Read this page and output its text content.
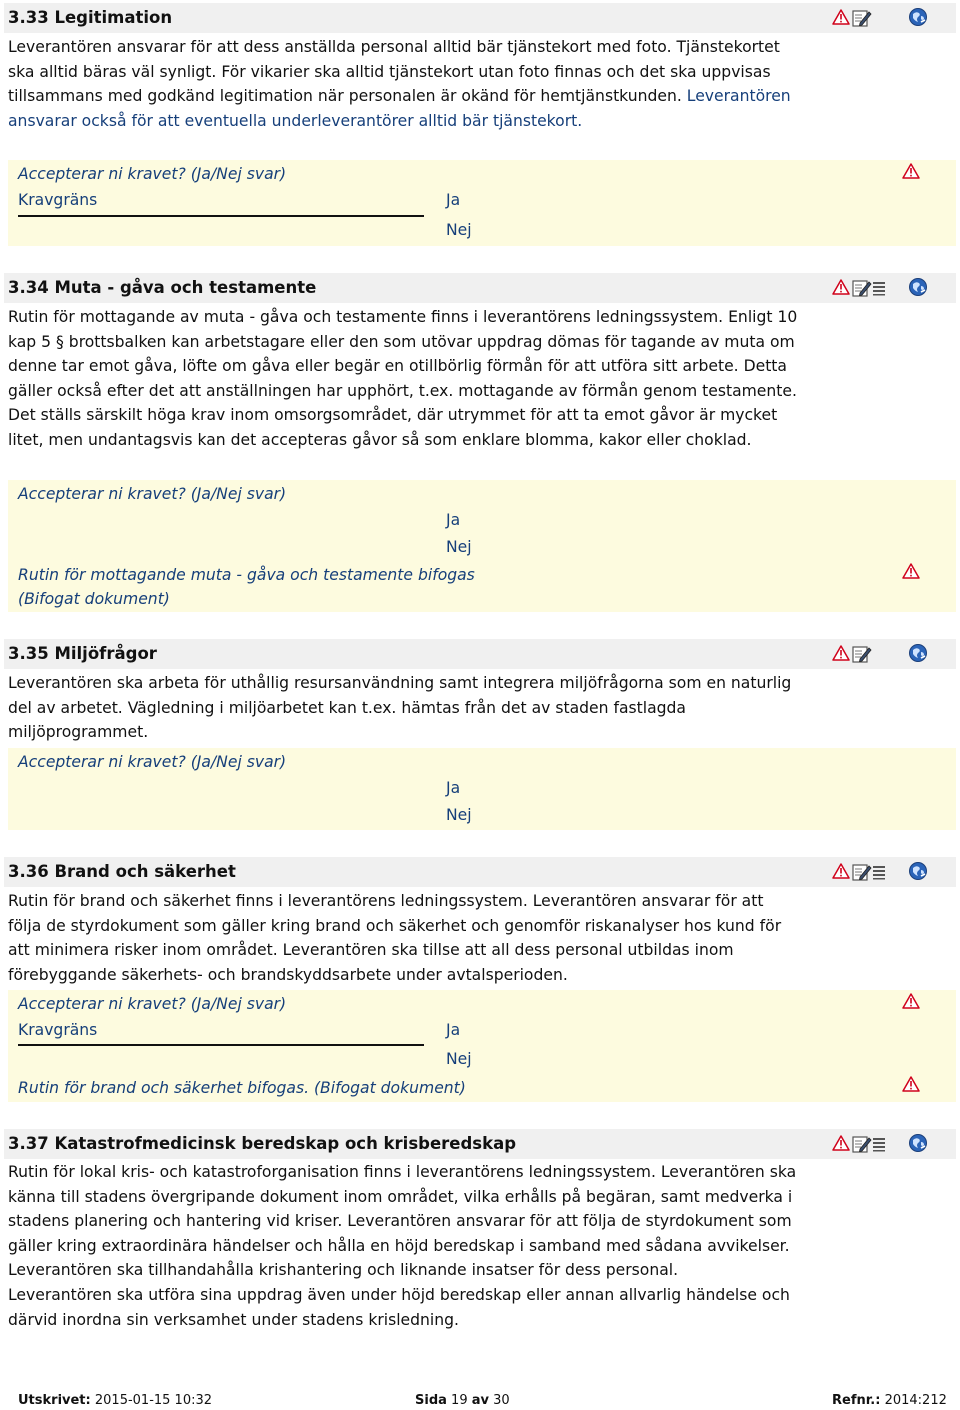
3.33 Legitimation

Leverantören ansvarar för att dess anställda personal alltid bär tjänstekort med foto. Tjänstekortet ska alltid bäras väl synligt. För vikarier ska alltid tjänstekort utan foto finnas och det ska uppvisas tillsammans med godkänd legitimation när personalen är okänd för hemtjänstkunden. Leverantören ansvarar också för att eventuella underleverantörer alltid bär tjänstekort.

Accepterar ni kravet? (Ja/Nej svar)
Kravgräns	Ja
Nej
3.34 Muta - gåva och testamente

Rutin för mottagande av muta - gåva och testamente finns i leverantörens ledningssystem. Enligt 10 kap 5 § brottsbalken kan arbetstagare eller den som utövar uppdrag dömas för tagande av muta om denne tar emot gåva, löfte om gåva eller begär en otillbörlig förmån för att utföra sitt arbete. Detta gäller också efter det att anställningen har upphört, t.ex. mottagande av förmån genom testamente. Det ställs särskilt höga krav inom omsorgsområdet, där utrymmet för att ta emot gåvor är mycket litet, men undantagsvis kan det accepteras gåvor så som enklare blomma, kakor eller choklad.

Accepterar ni kravet? (Ja/Nej svar)
Ja
Nej
Rutin för mottagande muta - gåva och testamente bifogas
(Bifogat dokument)
3.35 Miljöfrågor

Leverantören ska arbeta för uthållig resursanvändning samt integrera miljöfrågorna som en naturlig del av arbetet. Vägledning i miljöarbetet kan t.ex. hämtas från det av staden fastlagda miljöprogrammet.

Accepterar ni kravet? (Ja/Nej svar)
Ja
Nej
3.36 Brand och säkerhet

Rutin för brand och säkerhet finns i leverantörens ledningssystem. Leverantören ansvarar för att följa de styrdokument som gäller kring brand och säkerhet och genomför riskanalyser hos kund för att minimera risker inom området. Leverantören ska tillse att all dess personal utbildas inom förebyggande säkerhets- och brandskyddsarbete under avtalsperioden.

Accepterar ni kravet? (Ja/Nej svar)
Kravgräns	Ja
Nej
Rutin för brand och säkerhet bifogas. (Bifogat dokument)
3.37 Katastrofmedicinsk beredskap och krisberedskap

Rutin för lokal kris- och katastroforganisation finns i leverantörens ledningssystem. Leverantören ska känna till stadens övergripande dokument inom området, vilka erhålls på begäran, samt medverka i stadens planering och hantering vid kriser. Leverantören ansvarar för att följa de styrdokument som gäller kring extraordinära händelser och hålla en höjd beredskap i samband med sådana avvikelser. Leverantören ska tillhandahålla krishantering och liknande insatser för dess personal.

Leverantören ska utföra sina uppdrag även under höjd beredskap eller annan allvarlig händelse och därvid inordna sin verksamhet under stadens krisledning.

Utskrivet: 2015-01-15 10:32	Sida 19 av 30	Refnr.: 2014:212
